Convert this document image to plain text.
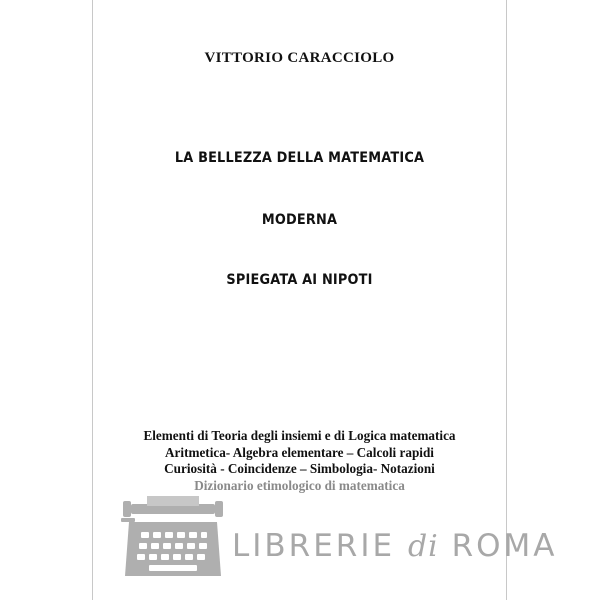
VITTORIO CARACCIOLO
LA BELLEZZA DELLA MATEMATICA
MODERNA
SPIEGATA AI NIPOTI
Elementi di Teoria degli insiemi e di Logica matematica
Aritmetica- Algebra elementare – Calcoli rapidi
Curiosità - Coincidenze – Simbologia- Notazioni
Dizionario etimologico di matematica
LIBRERIE di ROMA
